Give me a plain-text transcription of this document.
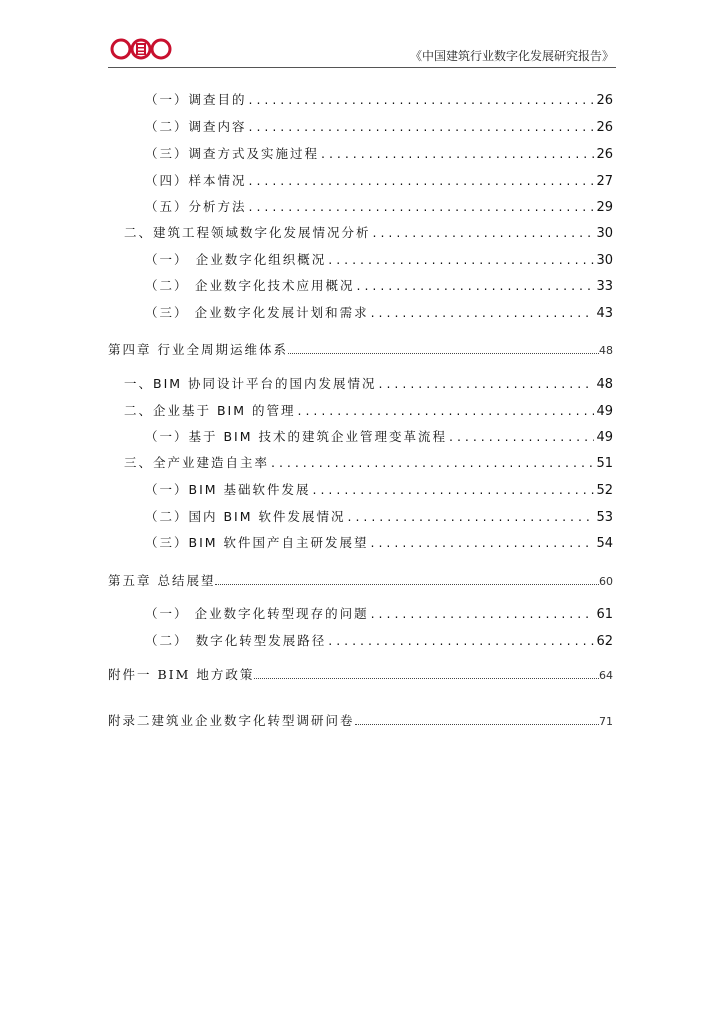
《中国建筑行业数字化发展研究报告》
（一）调查目的 . . .	26
（二）调查内容 . . .	26
（三）调查方式及实施过程 . . .	26
（四）样本情况 . . .	27
（五）分析方法 . . .	29
二、建筑工程领域数字化发展情况分析 . . .	30
（一） 企业数字化组织概况 . . .	30
（二） 企业数字化技术应用概况 . . .	33
（三） 企业数字化发展计划和需求 . . .	43
第四章 行业全周期运维体系	48
一、BIM 协同设计平台的国内发展情况 . . .	48
二、企业基于 BIM 的管理 . . .	49
（一）基于 BIM 技术的建筑企业管理变革流程 . . .	49
三、全产业建造自主率 . . .	51
（一）BIM 基础软件发展 . . .	52
（二）国内 BIM 软件发展情况 . . .	53
（三）BIM 软件国产自主研发展望 . . .	54
第五章 总结展望	60
（一） 企业数字化转型现存的问题 . . .	61
（二） 数字化转型发展路径 . . .	62
附件一 BIM 地方政策	64
附录二建筑业企业数字化转型调研问卷	71
